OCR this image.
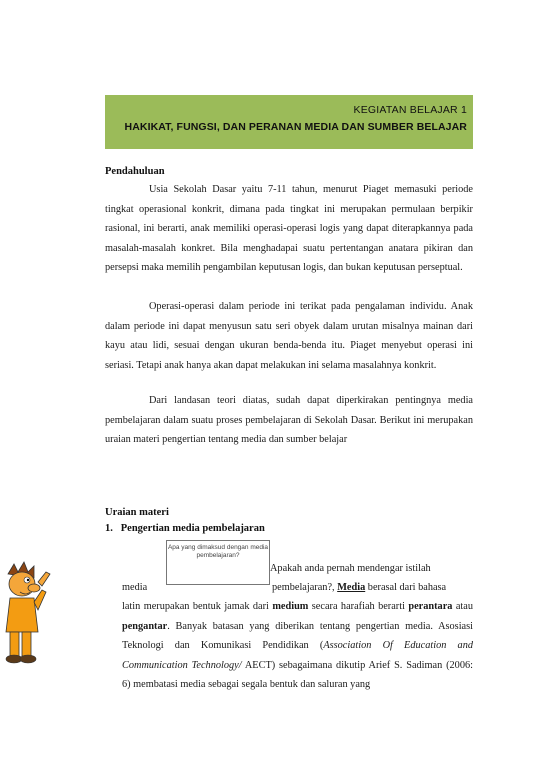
KEGIATAN BELAJAR 1
HAKIKAT, FUNGSI, DAN PERANAN MEDIA DAN SUMBER BELAJAR
Pendahuluan
Usia Sekolah Dasar yaitu 7-11 tahun, menurut Piaget memasuki periode tingkat operasional konkrit, dimana pada tingkat ini merupakan permulaan berpikir rasional, ini berarti, anak memiliki operasi-operasi logis yang dapat diterapkannya pada masalah-masalah konkret. Bila menghadapai suatu pertentangan anatara pikiran dan persepsi maka memilih pengambilan keputusan logis, dan bukan keputusan perseptual.
Operasi-operasi dalam periode ini terikat pada pengalaman individu. Anak dalam periode ini dapat menyusun satu seri obyek dalam urutan misalnya mainan dari kayu atau lidi, sesuai dengan ukuran benda-benda itu. Piaget menyebut operasi ini seriasi. Tetapi anak hanya akan dapat melakukan ini selama masalahnya konkrit.
Dari landasan teori diatas, sudah dapat diperkirakan pentingnya media pembelajaran dalam suatu proses pembelajaran di Sekolah Dasar. Berikut ini merupakan uraian materi pengertian tentang media dan sumber belajar
Uraian materi
1. Pengertian media pembelajaran
Apa yang dimaksud dengan media pembelajaran?
Apakah anda pernah mendengar istilah
media	pembelajaran?, Media berasal dari bahasa
latin merupakan bentuk jamak dari medium secara harafiah berarti perantara atau pengantar. Banyak batasan yang diberikan tentang pengertian media. Asosiasi Teknologi dan Komunikasi Pendidikan (Association Of Education and Communication Technology/ AECT) sebagaimana dikutip Arief S. Sadiman (2006: 6) membatasi media sebagai segala bentuk dan saluran yang
